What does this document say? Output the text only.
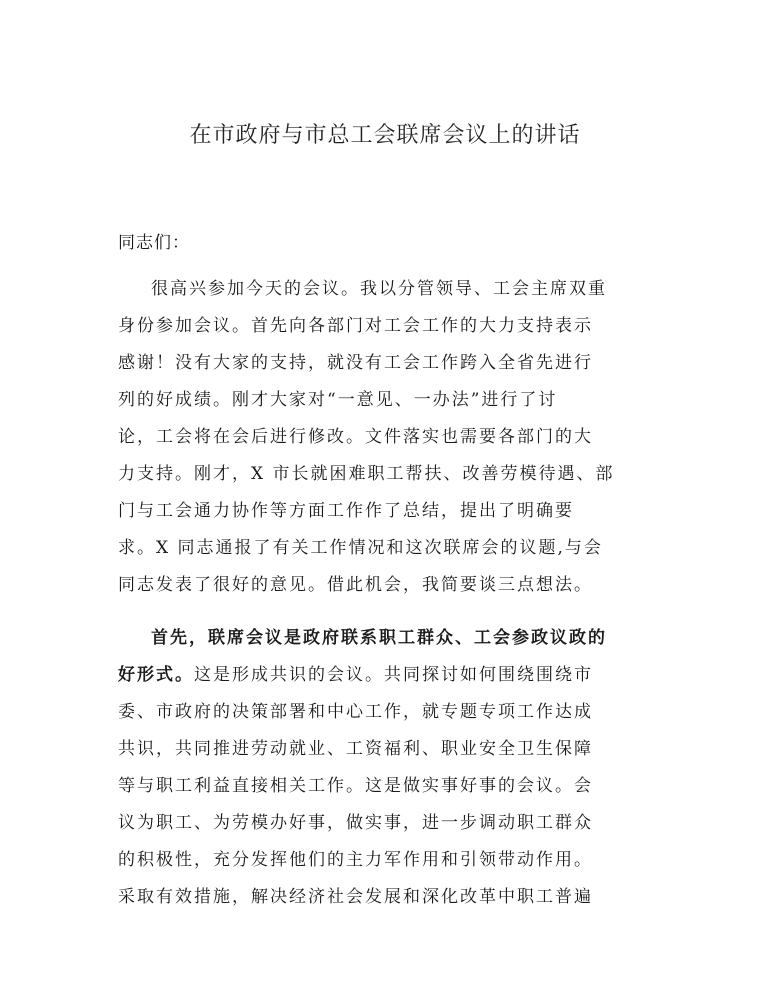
在市政府与市总工会联席会议上的讲话
同志们：
很高兴参加今天的会议。我以分管领导、工会主席双重
身份参加会议。首先向各部门对工会工作的大力支持表示
感谢！没有大家的支持，就没有工会工作跨入全省先进行
列的好成绩。刚才大家对“一意见、一办法”进行了讨
论，工会将在会后进行修改。文件落实也需要各部门的大
力支持。刚才，X 市长就困难职工帮扶、改善劳模待遇、部
门与工会通力协作等方面工作作了总结，提出了明确要
求。X 同志通报了有关工作情况和这次联席会的议题,与会
同志发表了很好的意见。借此机会，我简要谈三点想法。
首先，联席会议是政府联系职工群众、工会参政议政的
好形式。这是形成共识的会议。共同探讨如何围绕围绕市
委、市政府的决策部署和中心工作，就专题专项工作达成
共识，共同推进劳动就业、工资福利、职业安全卫生保障
等与职工利益直接相关工作。这是做实事好事的会议。会
议为职工、为劳模办好事，做实事，进一步调动职工群众
的积极性，充分发挥他们的主力军作用和引领带动作用。
采取有效措施，解决经济社会发展和深化改革中职工普遍
